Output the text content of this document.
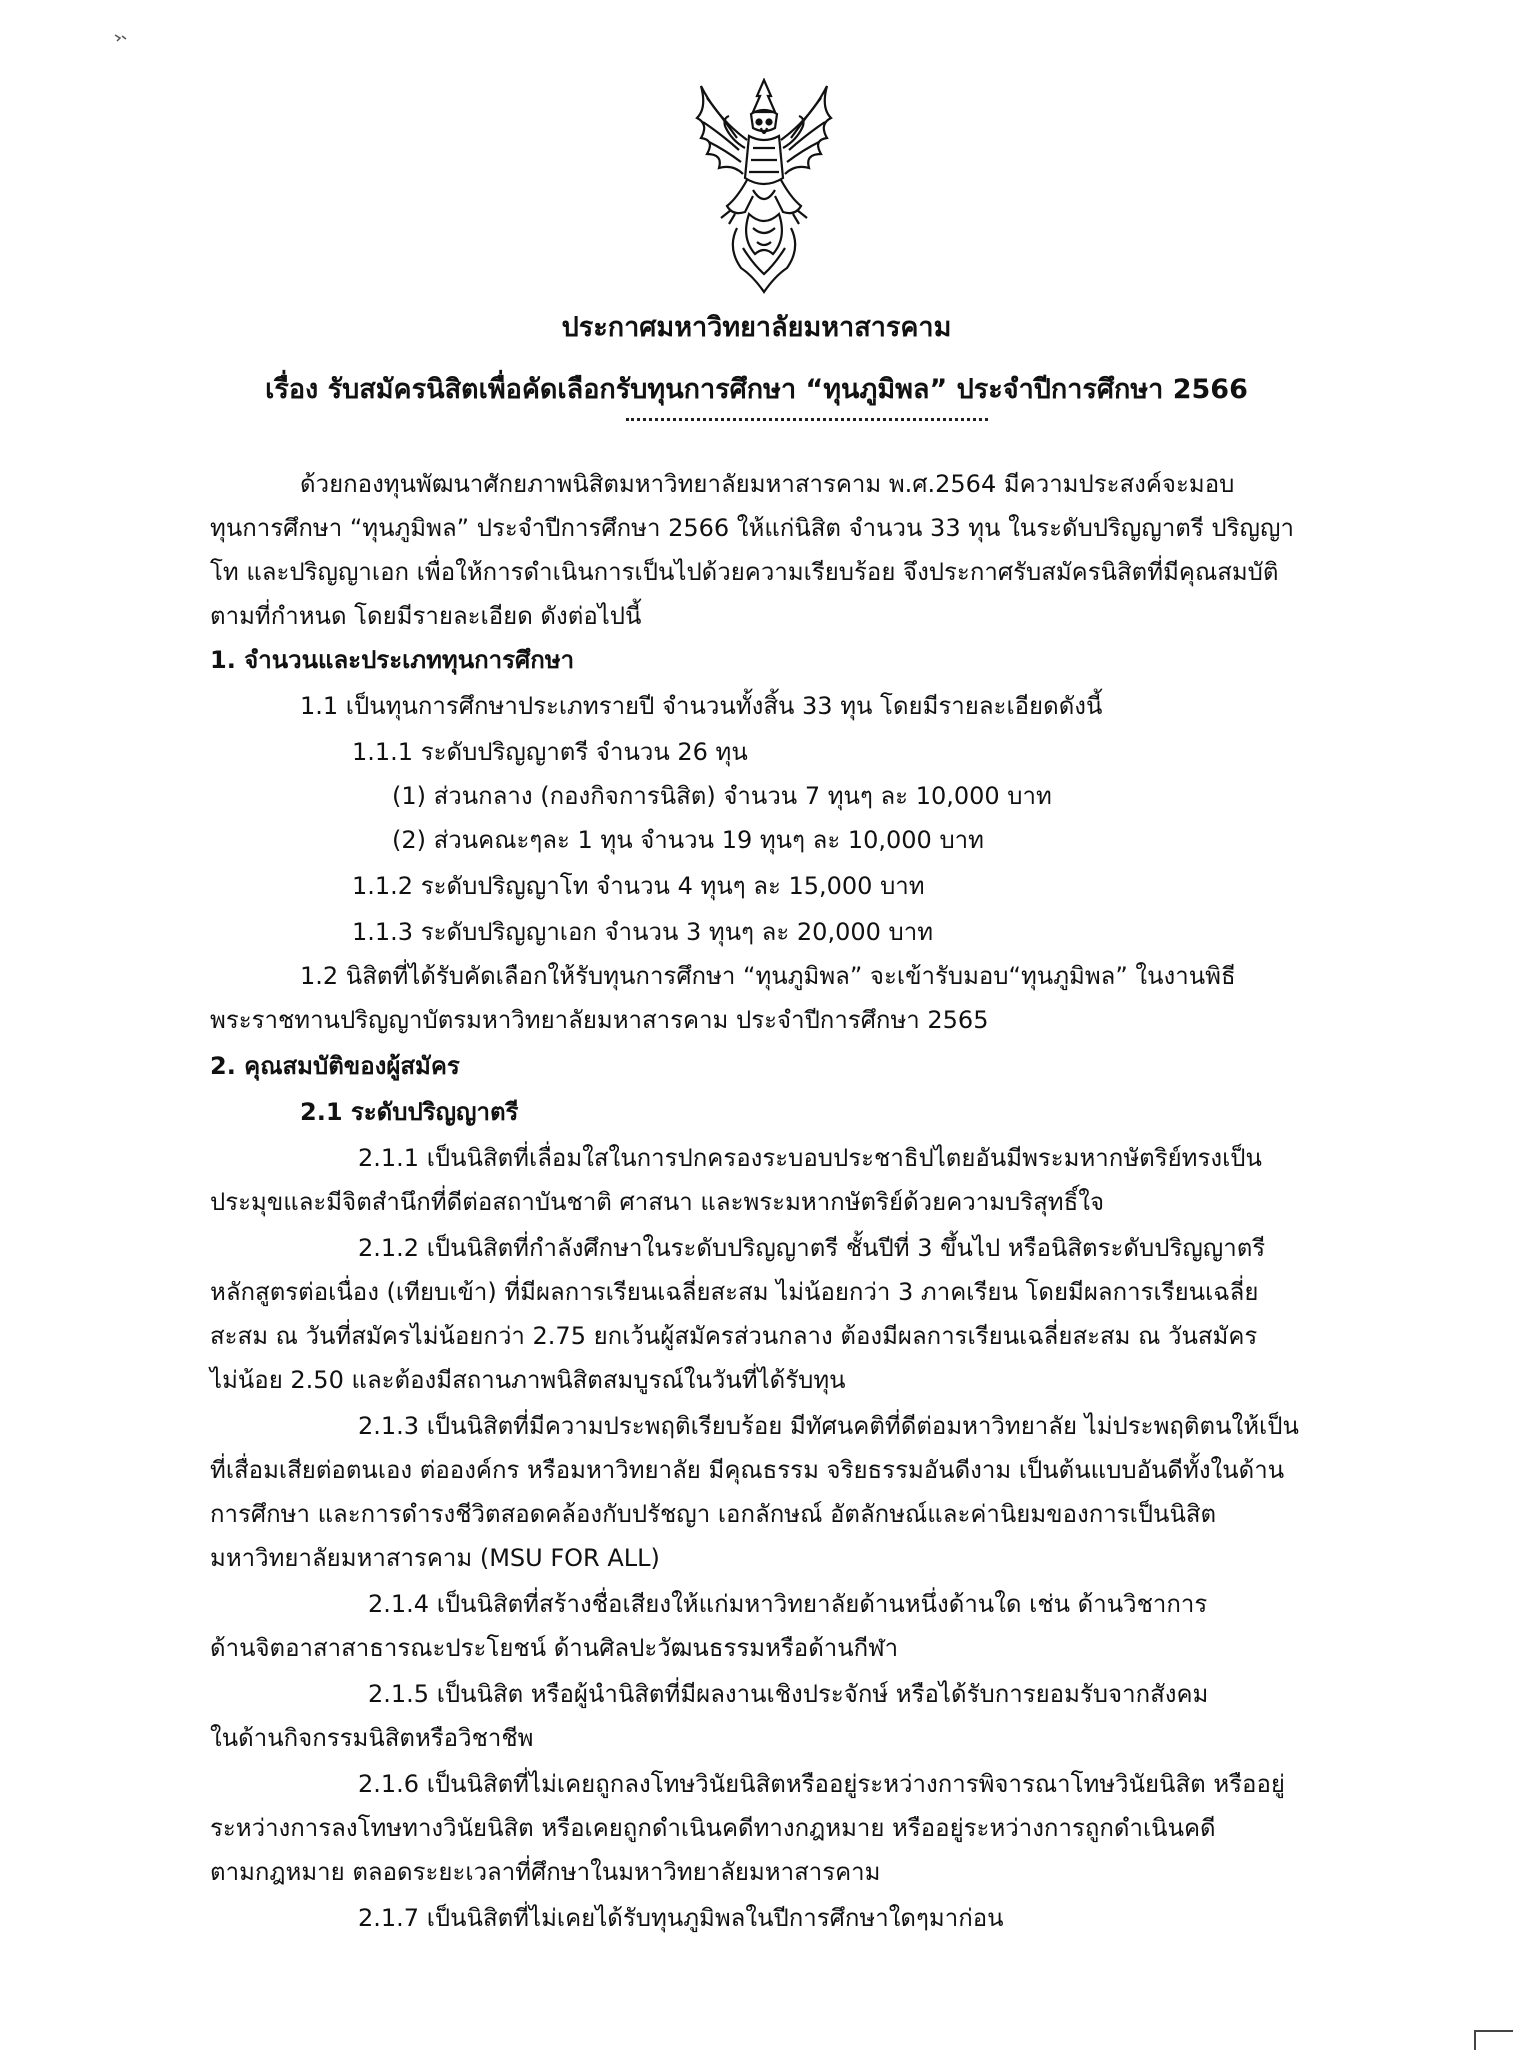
ประกาศมหาวิทยาลัยมหาสารคาม
เรื่อง รับสมัครนิสิตเพื่อคัดเลือกรับทุนการศึกษา “ทุนภูมิพล” ประจำปีการศึกษา 2566
ด้วยกองทุนพัฒนาศักยภาพนิสิตมหาวิทยาลัยมหาสารคาม พ.ศ.2564 มีความประสงค์จะมอบ
ทุนการศึกษา “ทุนภูมิพล” ประจำปีการศึกษา 2566 ให้แก่นิสิต จำนวน 33 ทุน ในระดับปริญญาตรี ปริญญา
โท และปริญญาเอก เพื่อให้การดำเนินการเป็นไปด้วยความเรียบร้อย จึงประกาศรับสมัครนิสิตที่มีคุณสมบัติ
ตามที่กำหนด โดยมีรายละเอียด ดังต่อไปนี้
1. จำนวนและประเภททุนการศึกษา
1.1 เป็นทุนการศึกษาประเภทรายปี จำนวนทั้งสิ้น 33 ทุน โดยมีรายละเอียดดังนี้
1.1.1 ระดับปริญญาตรี จำนวน 26 ทุน
(1) ส่วนกลาง (กองกิจการนิสิต) จำนวน 7 ทุนๆ ละ 10,000 บาท
(2) ส่วนคณะๆละ 1 ทุน จำนวน 19 ทุนๆ ละ 10,000 บาท
1.1.2 ระดับปริญญาโท จำนวน 4 ทุนๆ ละ 15,000 บาท
1.1.3 ระดับปริญญาเอก จำนวน 3 ทุนๆ ละ 20,000 บาท
1.2 นิสิตที่ได้รับคัดเลือกให้รับทุนการศึกษา “ทุนภูมิพล” จะเข้ารับมอบ“ทุนภูมิพล” ในงานพิธี
พระราชทานปริญญาบัตรมหาวิทยาลัยมหาสารคาม ประจำปีการศึกษา 2565
2. คุณสมบัติของผู้สมัคร
2.1 ระดับปริญญาตรี
2.1.1 เป็นนิสิตที่เลื่อมใสในการปกครองระบอบประชาธิปไตยอันมีพระมหากษัตริย์ทรงเป็น
ประมุขและมีจิตสำนึกที่ดีต่อสถาบันชาติ ศาสนา และพระมหากษัตริย์ด้วยความบริสุทธิ์ใจ
2.1.2 เป็นนิสิตที่กำลังศึกษาในระดับปริญญาตรี ชั้นปีที่ 3 ขึ้นไป หรือนิสิตระดับปริญญาตรี
หลักสูตรต่อเนื่อง (เทียบเข้า) ที่มีผลการเรียนเฉลี่ยสะสม ไม่น้อยกว่า 3 ภาคเรียน โดยมีผลการเรียนเฉลี่ย
สะสม ณ วันที่สมัครไม่น้อยกว่า 2.75 ยกเว้นผู้สมัครส่วนกลาง ต้องมีผลการเรียนเฉลี่ยสะสม ณ วันสมัคร
ไม่น้อย 2.50 และต้องมีสถานภาพนิสิตสมบูรณ์ในวันที่ได้รับทุน
2.1.3 เป็นนิสิตที่มีความประพฤติเรียบร้อย มีทัศนคติที่ดีต่อมหาวิทยาลัย ไม่ประพฤติตนให้เป็น
ที่เสื่อมเสียต่อตนเอง ต่อองค์กร หรือมหาวิทยาลัย มีคุณธรรม จริยธรรมอันดีงาม เป็นต้นแบบอันดีทั้งในด้าน
การศึกษา และการดำรงชีวิตสอดคล้องกับปรัชญา เอกลักษณ์ อัตลักษณ์และค่านิยมของการเป็นนิสิต
มหาวิทยาลัยมหาสารคาม (MSU FOR ALL)
2.1.4 เป็นนิสิตที่สร้างชื่อเสียงให้แก่มหาวิทยาลัยด้านหนึ่งด้านใด เช่น ด้านวิชาการ
ด้านจิตอาสาสาธารณะประโยชน์ ด้านศิลปะวัฒนธรรมหรือด้านกีฬา
2.1.5 เป็นนิสิต หรือผู้นำนิสิตที่มีผลงานเชิงประจักษ์ หรือได้รับการยอมรับจากสังคม
ในด้านกิจกรรมนิสิตหรือวิชาชีพ
2.1.6 เป็นนิสิตที่ไม่เคยถูกลงโทษวินัยนิสิตหรืออยู่ระหว่างการพิจารณาโทษวินัยนิสิต หรืออยู่
ระหว่างการลงโทษทางวินัยนิสิต หรือเคยถูกดำเนินคดีทางกฎหมาย หรืออยู่ระหว่างการถูกดำเนินคดี
ตามกฎหมาย ตลอดระยะเวลาที่ศึกษาในมหาวิทยาลัยมหาสารคาม
2.1.7 เป็นนิสิตที่ไม่เคยได้รับทุนภูมิพลในปีการศึกษาใดๆมาก่อน
